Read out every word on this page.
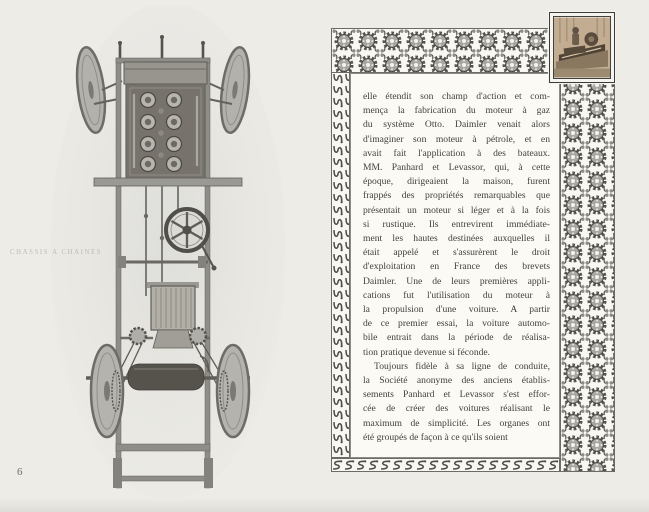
CHASSIS A CHAINES
6
elle étendit son champ d'action et com-
mença la fabrication du moteur à gaz
du système Otto. Daimler venait alors
d'imaginer son moteur à pétrole, et en
avait fait l'application à des bateaux.
MM. Panhard et Levassor, qui, à cette
époque, dirigeaient la maison, furent
frappés des propriétés remarquables que
présentait un moteur si léger et à la fois
si rustique. Ils entrevirent immédiate-
ment les hautes destinées auxquelles il
était appelé et s'assurèrent le droit
d'exploitation en France des brevets
Daimler. Une de leurs premières appli-
cations fut l'utilisation du moteur à
la propulsion d'une voiture. A partir
de ce premier essai, la voiture automo-
bile entrait dans la période de réalisa-
tion pratique devenue si féconde.
Toujours fidèle à sa ligne de conduite,
la Société anonyme des anciens établis-
sements Panhard et Levassor s'est effor-
cée de créer des voitures réalisant le
maximum de simplicité. Les organes ont
été groupés de façon à ce qu'ils soient
